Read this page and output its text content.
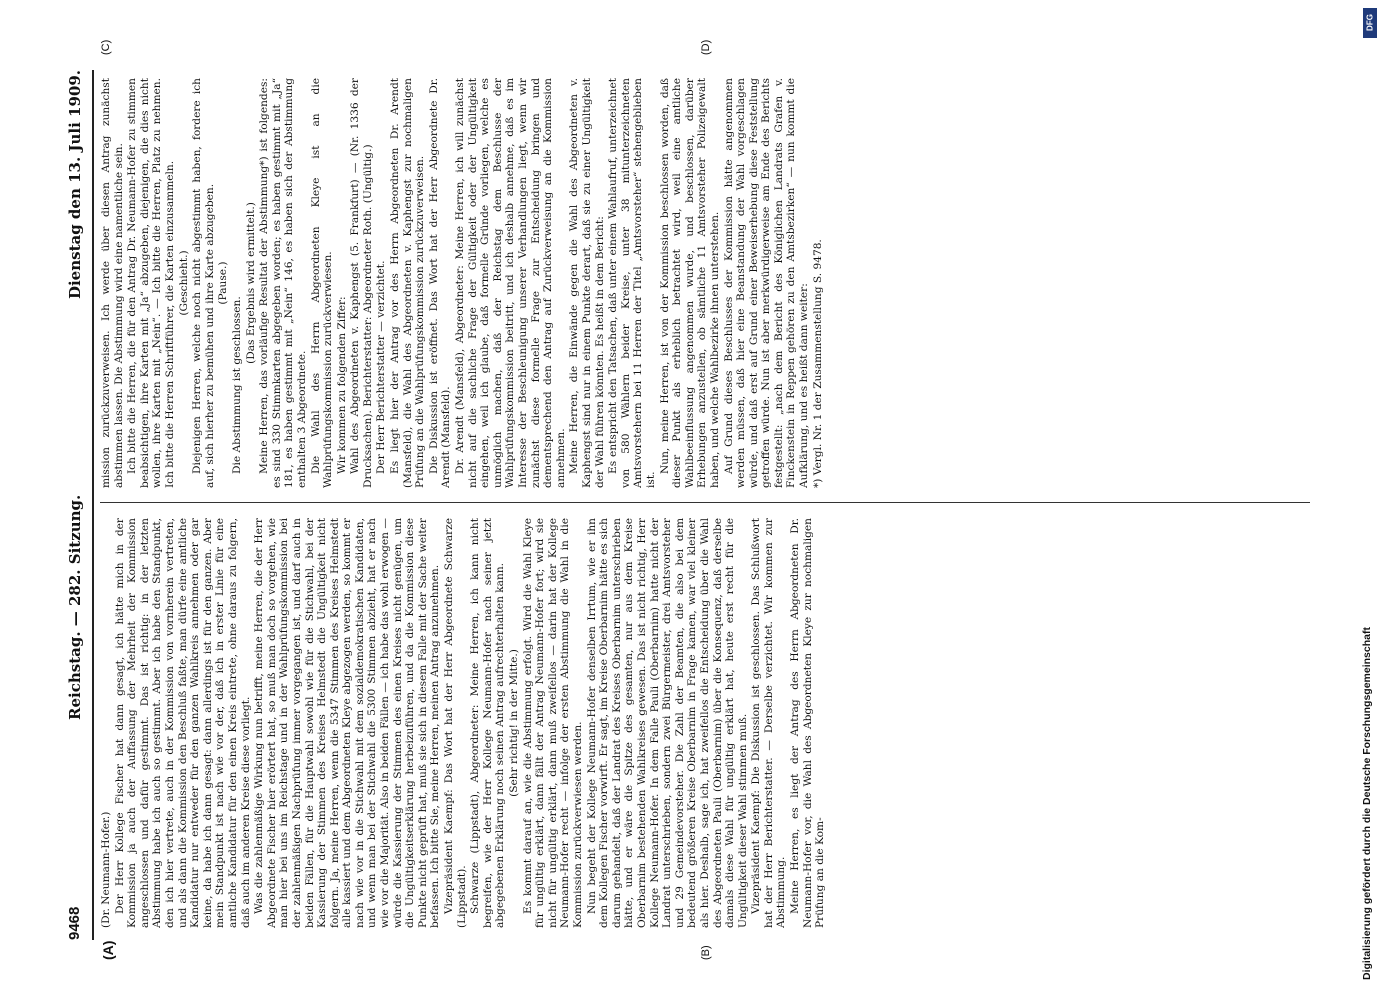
9468
Reichstag. — 282. Sitzung.
Dienstag den 13. Juli 1909.
(A)	(B)
(C)	(D)

(Dr. Neumann-Hofer.) Der Herr Kollege Fischer hat dann gesagt, ich hätte mich in der Kommission ja auch der Auffassung der Mehrheit der Kommission angeschlossen und dafür gestimmt. Das ist richtig: in der letzten Abstimmung habe ich auch so gestimmt. Aber ich habe den Standpunkt, den ich hier vertrete, auch in der Kommission von vornherein vertreten, und als dann die Kommission den Beschluß faßte, man dürfe eine amtliche Kandidatur nur entweder für den ganzen Wahlkreis annehmen oder gar keine, da habe ich dann gesagt: dann allerdings ist für den ganzen. Aber mein Standpunkt ist nach wie vor der, daß ich in erster Linie für eine amtliche Kandidatur für den einen Kreis eintrete, ohne daraus zu folgern, daß auch im anderen Kreise diese vorliegt. Was die zahlenmäßige Wirkung nun betrifft, meine Herren, die der Herr Abgeordnete Fischer hier erörtert hat, so muß man doch so vorgehen, wie man hier bei uns im Reichstage und in der Wahlprüfungskommission bei der zahlenmäßigen Nachprüfung immer vorgegangen ist, und darf auch in beiden Fällen, für die Hauptwahl sowohl wie für die Stichwahl, bei der Kassierung der Stimmen des Kreises Helmstedt die Ungültigkeit nicht folgern. Ja, meine Herren, wenn die 5347 Stimmen des Kreises Helmstedt alle kassiert und dem Abgeordneten Kleye abgezogen werden, so kommt er nach wie vor in die Stichwahl mit dem sozialdemokratischen Kandidaten, und wenn man bei der Stichwahl die 5300 Stimmen abzieht, hat er nach wie vor die Majorität. Also in beiden Fällen — ich habe das wohl erwogen — würde die Kassierung der Stimmen des einen Kreises nicht genügen, um die Ungültigkeitserklärung herbeizuführen, und da die Kommission diese Punkte nicht geprüft hat, muß sie sich in diesem Falle mit der Sache weiter befassen. Ich bitte Sie, meine Herren, meinen Antrag anzunehmen. Vizepräsident Kaempf: Das Wort hat der Herr Abgeordnete Schwarze (Lippstadt). Schwarze (Lippstadt), Abgeordneter: Meine Herren, ich kann nicht begreifen, wie der Herr Kollege Neumann-Hofer nach seiner jetzt abgegebenen Erklärung noch seinen Antrag aufrechterhalten kann. (Sehr richtig! in der Mitte.) Es kommt darauf an, wie die Abstimmung erfolgt. Wird die Wahl Kleye für ungültig erklärt, dann fällt der Antrag Neumann-Hofer fort; wird sie nicht für ungültig erklärt, dann muß zweifellos — darin hat der Kollege Neumann-Hofer recht — infolge der ersten Abstimmung die Wahl in die Kommission zurückverwiesen werden. Nun begeht der Kollege Neumann-Hofer denselben Irrtum, wie er ihn dem Kollegen Fischer vorwirft. Er sagt, im Kreise Oberbarnim hätte es sich darum gehandelt, daß der Landrat des Kreises Oberbarnim unterschrieben hätte, und er wäre die Spitze des gesamten, nur aus dem Kreise Oberbarnim bestehenden Wahlkreises gewesen. Das ist nicht richtig, Herr Kollege Neumann-Hofer. In dem Falle Pauli (Oberbarnim) hatte nicht der Landrat unterschrieben, sondern zwei Bürgermeister, drei Amtsvorsteher und 29 Gemeindevorsteher. Die Zahl der Beamten, die also bei dem bedeutend größeren Kreise Oberbarnim in Frage kamen, war viel kleiner als hier. Deshalb, sage ich, hat zweifellos die Entscheidung über die Wahl des Abgeordneten Pauli (Oberbarnim) über die Konsequenz, daß derselbe damals diese Wahl für ungültig erklärt hat, heute erst recht für die Ungültigkeit dieser Wahl stimmen muß. Vizepräsident Kaempf: Die Diskussion ist geschlossen. Das Schlußwort hat der Herr Berichterstatter. — Derselbe verzichtet. Wir kommen zur Abstimmung. Meine Herren, es liegt der Antrag des Herrn Abgeordneten Dr. Neumann-Hofer vor, die Wahl des Abgeordneten Kleye zur nochmaligen Prüfung an die Kom-

mission zurückzuverweisen. Ich werde über diesen Antrag zunächst abstimmen lassen. Die Abstimmung wird eine namentliche sein. Ich bitte die Herren, die für den Antrag Dr. Neumann-Hofer zu stimmen beabsichtigen, ihre Karten mit „Ja“ abzugeben, diejenigen, die dies nicht wollen, ihre Karten mit „Nein“. — Ich bitte die Herren, Platz zu nehmen. Ich bitte die Herren Schriftführer, die Karten einzusammeln. (Geschieht.) Diejenigen Herren, welche noch nicht abgestimmt haben, fordere ich auf, sich hierher zu bemühen und ihre Karte abzugeben. (Pause.)

Die Abstimmung ist geschlossen.

(Das Ergebnis wird ermittelt.) Meine Herren, das vorläufige Resultat der Abstimmung*) ist folgendes: es sind 330 Stimmkarten abgegeben worden; es haben gestimmt mit „Ja“ 181, es haben gestimmt mit „Nein“ 146, es haben sich der Abstimmung enthalten 3 Abgeordnete. Die Wahl des Herrn Abgeordneten Kleye ist an die Wahlprüfungskommission zurückverwiesen. Wir kommen zu folgenden Ziffer: Wahl des Abgeordneten v. Kaphengst (5. Frankfurt) — (Nr. 1336 der Drucksachen). Berichterstatter: Abgeordneter Roth. (Ungültig.) Der Herr Berichterstatter — verzichtet. Es liegt hier der Antrag vor des Herrn Abgeordneten Dr. Arendt (Mansfeld), die Wahl des Abgeordneten v. Kaphengst zur nochmaligen Prüfung an die Wahlprüfungskommission zurückzuverweisen. Die Diskussion ist eröffnet. Das Wort hat der Herr Abgeordnete Dr. Arendt (Mansfeld). Dr. Arendt (Mansfeld), Abgeordneter: Meine Herren, ich will zunächst nicht auf die sachliche Frage der Gültigkeit oder der Ungültigkeit eingehen, weil ich glaube, daß formelle Gründe vorliegen, welche es unmöglich machen, daß der Reichstag dem Beschlusse der Wahlprüfungskommission beitritt, und ich deshalb annehme, daß es im Interesse der Beschleunigung unserer Verhandlungen liegt, wenn wir zunächst diese formelle Frage zur Entscheidung bringen und dementsprechend den Antrag auf Zurückverweisung an die Kommission annehmen. Meine Herren, die Einwände gegen die Wahl des Abgeordneten v. Kaphengst sind nur in einem Punkte derart, daß sie zu einer Ungültigkeit der Wahl führen könnten. Es heißt in dem Bericht: Es entspricht den Tatsachen, daß unter einem Wahlaufruf, unterzeichnet von 580 Wählern beider Kreise, unter 38 mitunterzeichneten Amtsvorstehern bei 11 Herren der Titel „Amtsvorsteher“ stehengeblieben ist.

Nun, meine Herren, ist von der Kommission beschlossen worden, daß dieser Punkt als erheblich betrachtet wird, weil eine amtliche Wahlbeeinflussung angenommen wurde, und beschlossen, darüber Erhebungen anzustellen, ob sämtliche 11 Amtsvorsteher Polizeigewalt haben, und welche Wahlbezirke ihnen unterstehen. Auf Grund dieses Beschlusses der Kommission hätte angenommen werden müssen, daß hier eine Beanstandung der Wahl vorgeschlagen würde, und daß erst auf Grund einer Beweiserhebung diese Feststellung getroffen würde. Nun ist aber merkwürdigerweise am Ende des Berichts festgestellt: „nach dem Bericht des Königlichen Landrats Grafen v. Finckenstein in Reppen gehören zu den Amtsbezirken“ — nun kommt die Aufklärung, und es heißt dann weiter: *) Vergl. Nr. 1 der Zusammenstellung S. 9478.

Digitalisierung gefördert durch die Deutsche Forschungsgemeinschaft
DFG
